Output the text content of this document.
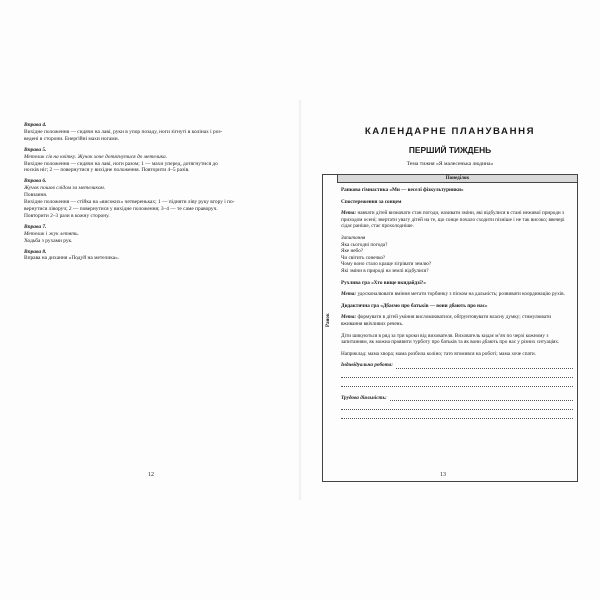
Вправа 4.
Вихідне положення — сидячи на лаві, руки в упор позаду, ноги зігнуті в колінах і роз-
ведені в сторони. Енергійні махи ногами.
Вправа 5.
Метелик сів на квітку. Жучок хоче дотягнутися до метелика.
Вихідне положення — сидячи на лаві, ноги разом; 1 — махи уперед, дотягнутися до
носків ніг; 2 — повернутися у вихідне положення. Повторити 4–5 разів.
Вправа 6.
Жучок пошов слідом за метеликом.
Повзання.
Вихідне положення — стійка на «високих» четвереньках; 1 — підняти ліву руку вгору і по-
вернутися ліворуч; 2 — повернутися у вихідне положення; 3–4 — те саме праворуч.
Повторити 2–3 рази в кожну сторону.
Вправа 7.
Метелик і жук летять.
Ходьба з рухами рук.
Вправа 8.
Вправа на дихання «Подуй на метелика».
12
КАЛЕНДАРНЕ ПЛАНУВАННЯ
ПЕРШИЙ ТИЖДЕНЬ
Тема тижня «Я малесенька людина»
Ранок
Понеділок
Ранкова гімнастика «Ми — веселі фізкультурники»
Спостереження за сонцем
Мета: навчати дітей визначати стан погоди, називати зміни, які відбулися в стані неживої природи з приходом осені; звертати увагу дітей на те, що сонце почало сходити пізніше і не так високо; ввечері сідає раніше, стає прохолодніше.
Запитання
Яка сьогодні погода?
Яке небо?
Чи світить сонечко?
Чому воно стало краще зігрівати землю?
Які зміни в природі на землі відбулися?
Рухлива гра «Хто вище вкидайдзі?»
Мета: удосконалювати вміння метати торбинку з піском на дальність; розвивати координацію рухів.
Дидактична гра «Дбаємо про батьків — вони дбають про нас»
Мета: формувати в дітей уміння висловлюватися, обґрунтовувати власну думку; стимулювати вживання ввічливих речень.
Діти шикуються в ряд за три кроки від вихователя. Вихователь кидає м’яч по черзі кожному з запитанням, як можна проявити турботу про батьків та як вони дбають про нас у різних ситуаціях.
Наприклад: мама хвора; мама розбила коліно; тато втомився на роботі; мама хоче спати.
Індивідуальна робота:
Трудова діяльність:
13
